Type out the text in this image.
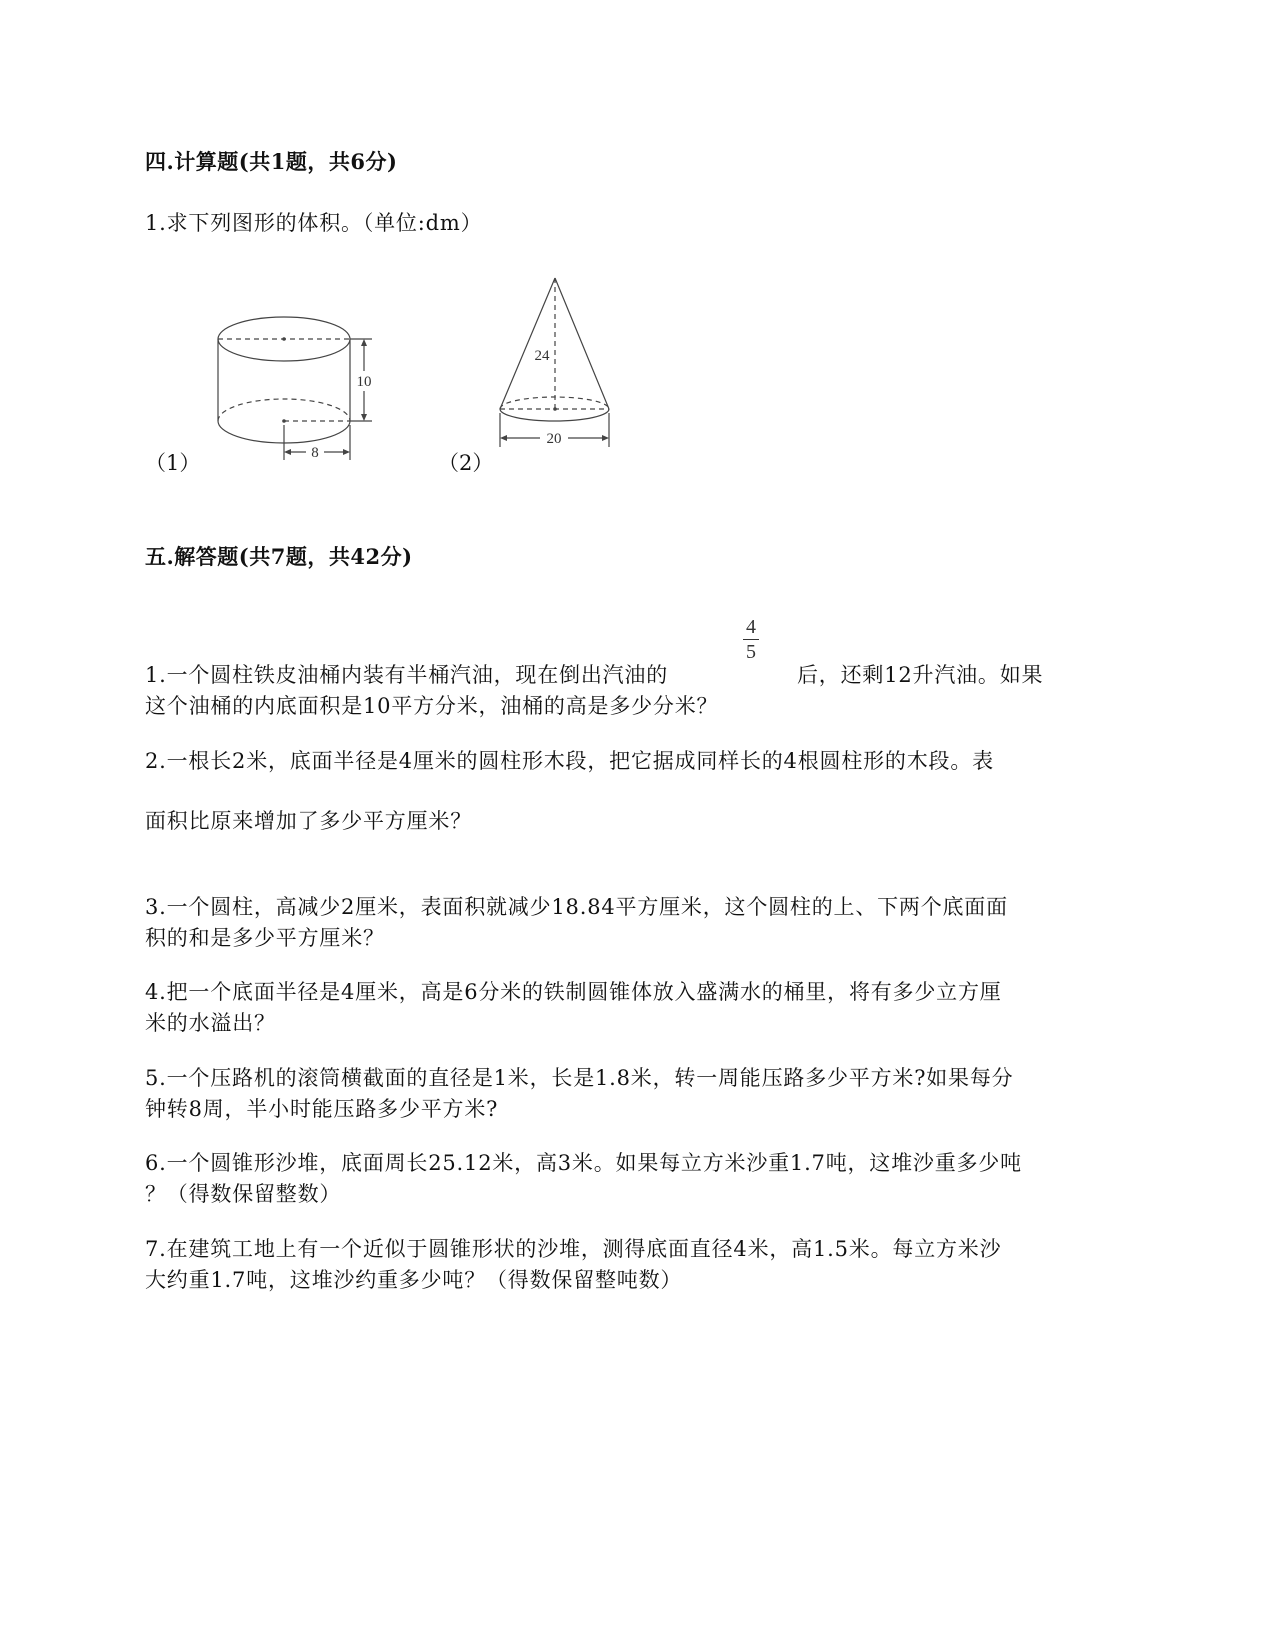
四.计算题(共1题，共6分)
1.求下列图形的体积。（单位:dm）
（1）
10
8	（2）
24
20
五.解答题(共7题，共42分)
1.一个圆柱铁皮油桶内装有半桶汽油，现在倒出汽油的
4
5
后，还剩12升汽油。如果
这个油桶的内底面积是10平方分米，油桶的高是多少分米？
2.一根长2米，底面半径是4厘米的圆柱形木段，把它据成同样长的4根圆柱形的木段。表
面积比原来增加了多少平方厘米？
3.一个圆柱，高减少2厘米，表面积就减少18.84平方厘米，这个圆柱的上、下两个底面面
积的和是多少平方厘米？
4.把一个底面半径是4厘米，高是6分米的铁制圆锥体放入盛满水的桶里，将有多少立方厘
米的水溢出？
5.一个压路机的滚筒横截面的直径是1米，长是1.8米，转一周能压路多少平方米?如果每分
钟转8周，半小时能压路多少平方米?
6.一个圆锥形沙堆，底面周长25.12米，高3米。如果每立方米沙重1.7吨，这堆沙重多少吨
？（得数保留整数）
7.在建筑工地上有一个近似于圆锥形状的沙堆，测得底面直径4米，高1.5米。每立方米沙
大约重1.7吨，这堆沙约重多少吨？（得数保留整吨数）
